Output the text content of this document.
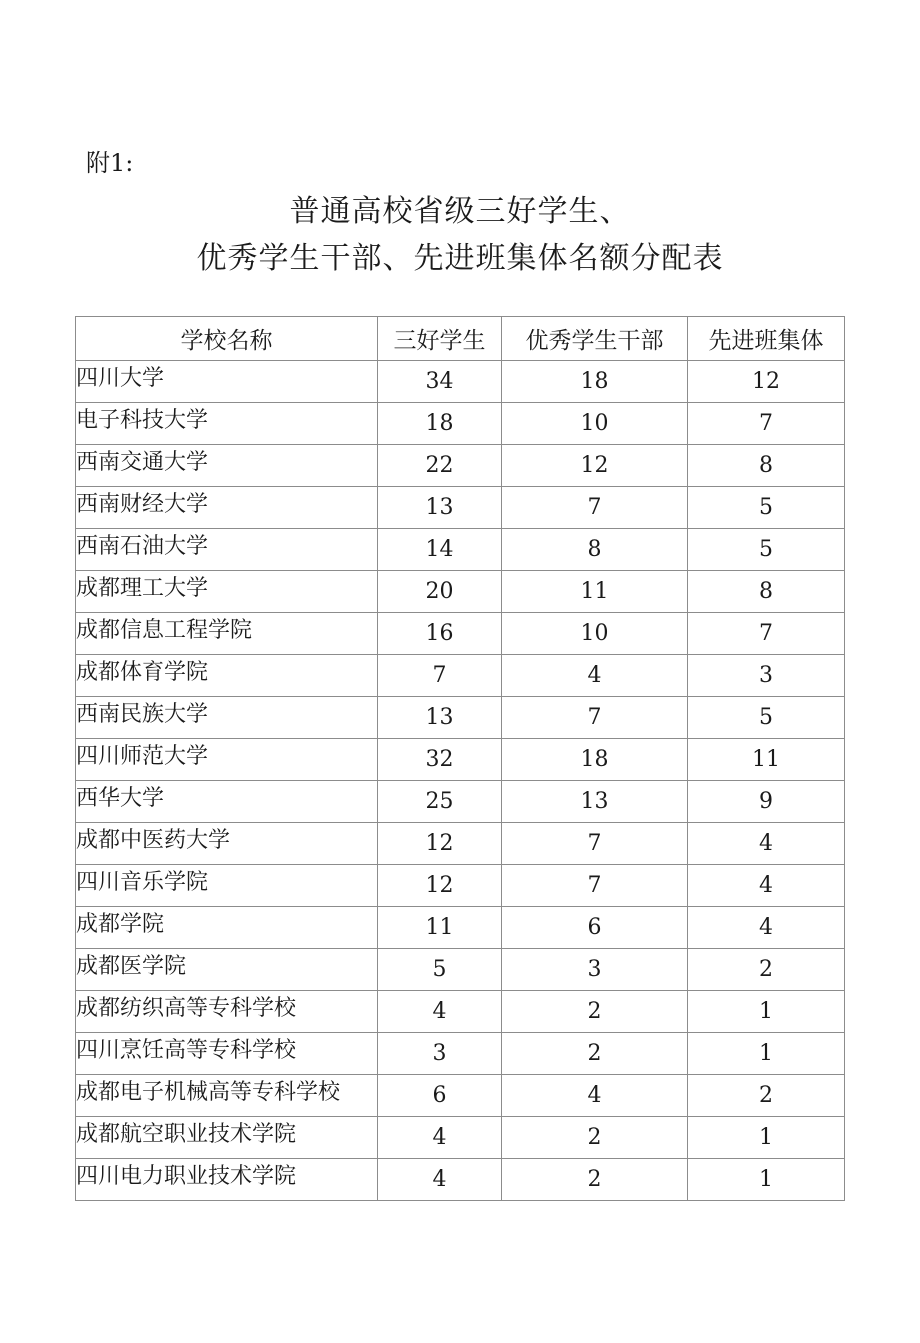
附1:
普通高校省级三好学生、
优秀学生干部、先进班集体名额分配表
学校名称	三好学生	优秀学生干部	先进班集体
四川大学	34	18	12
电子科技大学	18	10	7
西南交通大学	22	12	8
西南财经大学	13	7	5
西南石油大学	14	8	5
成都理工大学	20	11	8
成都信息工程学院	16	10	7
成都体育学院	7	4	3
西南民族大学	13	7	5
四川师范大学	32	18	11
西华大学	25	13	9
成都中医药大学	12	7	4
四川音乐学院	12	7	4
成都学院	11	6	4
成都医学院	5	3	2
成都纺织高等专科学校	4	2	1
四川烹饪高等专科学校	3	2	1
成都电子机械高等专科学校	6	4	2
成都航空职业技术学院	4	2	1
四川电力职业技术学院	4	2	1
